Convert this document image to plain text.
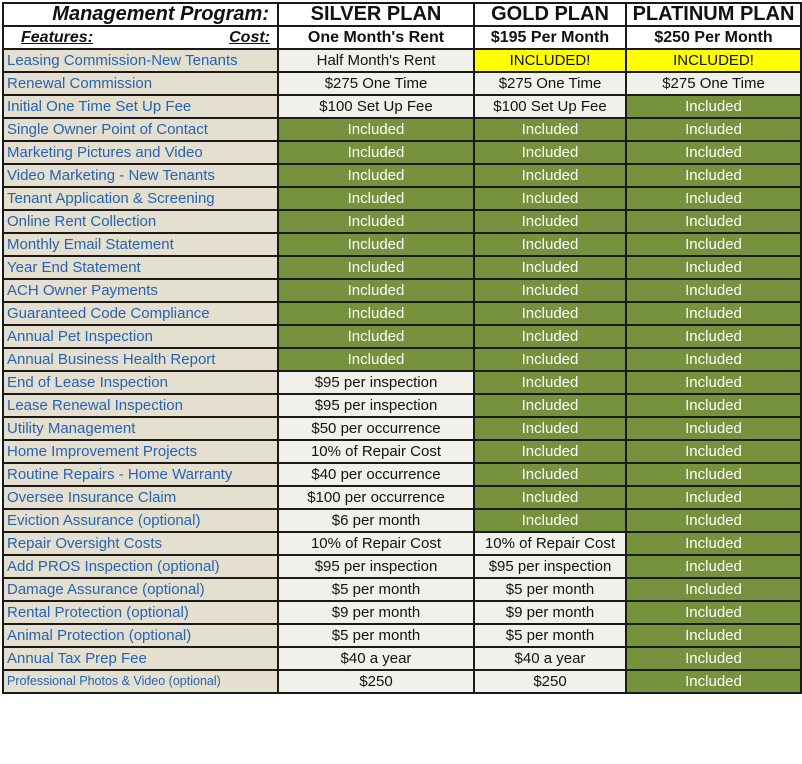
Management Program:	SILVER PLAN	GOLD PLAN	PLATINUM PLAN

Features: Cost:	One Month's Rent	$195 Per Month	$250 Per Month
Leasing Commission-New Tenants	Half Month's Rent	INCLUDED!	INCLUDED!
Renewal Commission	$275 One Time	$275 One Time	$275 One Time
Initial One Time Set Up Fee	$100 Set Up Fee	$100 Set Up Fee	Included
Single Owner Point of Contact	Included	Included	Included
Marketing Pictures and Video	Included	Included	Included
Video Marketing - New Tenants	Included	Included	Included
Tenant Application & Screening	Included	Included	Included
Online Rent Collection	Included	Included	Included
Monthly Email Statement	Included	Included	Included
Year End Statement	Included	Included	Included
ACH Owner Payments	Included	Included	Included
Guaranteed Code Compliance	Included	Included	Included
Annual Pet Inspection	Included	Included	Included
Annual Business Health Report	Included	Included	Included
End of Lease Inspection	$95 per inspection	Included	Included
Lease Renewal Inspection	$95 per inspection	Included	Included
Utility Management	$50 per occurrence	Included	Included
Home Improvement Projects	10% of Repair Cost	Included	Included
Routine Repairs - Home Warranty	$40 per occurrence	Included	Included
Oversee Insurance Claim	$100 per occurrence	Included	Included
Eviction Assurance (optional)	$6 per month	Included	Included
Repair Oversight Costs	10% of Repair Cost	10% of Repair Cost	Included
Add PROS Inspection (optional)	$95 per inspection	$95 per inspection	Included
Damage Assurance (optional)	$5 per month	$5 per month	Included
Rental Protection (optional)	$9 per month	$9 per month	Included
Animal Protection (optional)	$5 per month	$5 per month	Included
Annual Tax Prep Fee	$40 a year	$40 a year	Included
Professional Photos & Video (optional)	$250	$250	Included
